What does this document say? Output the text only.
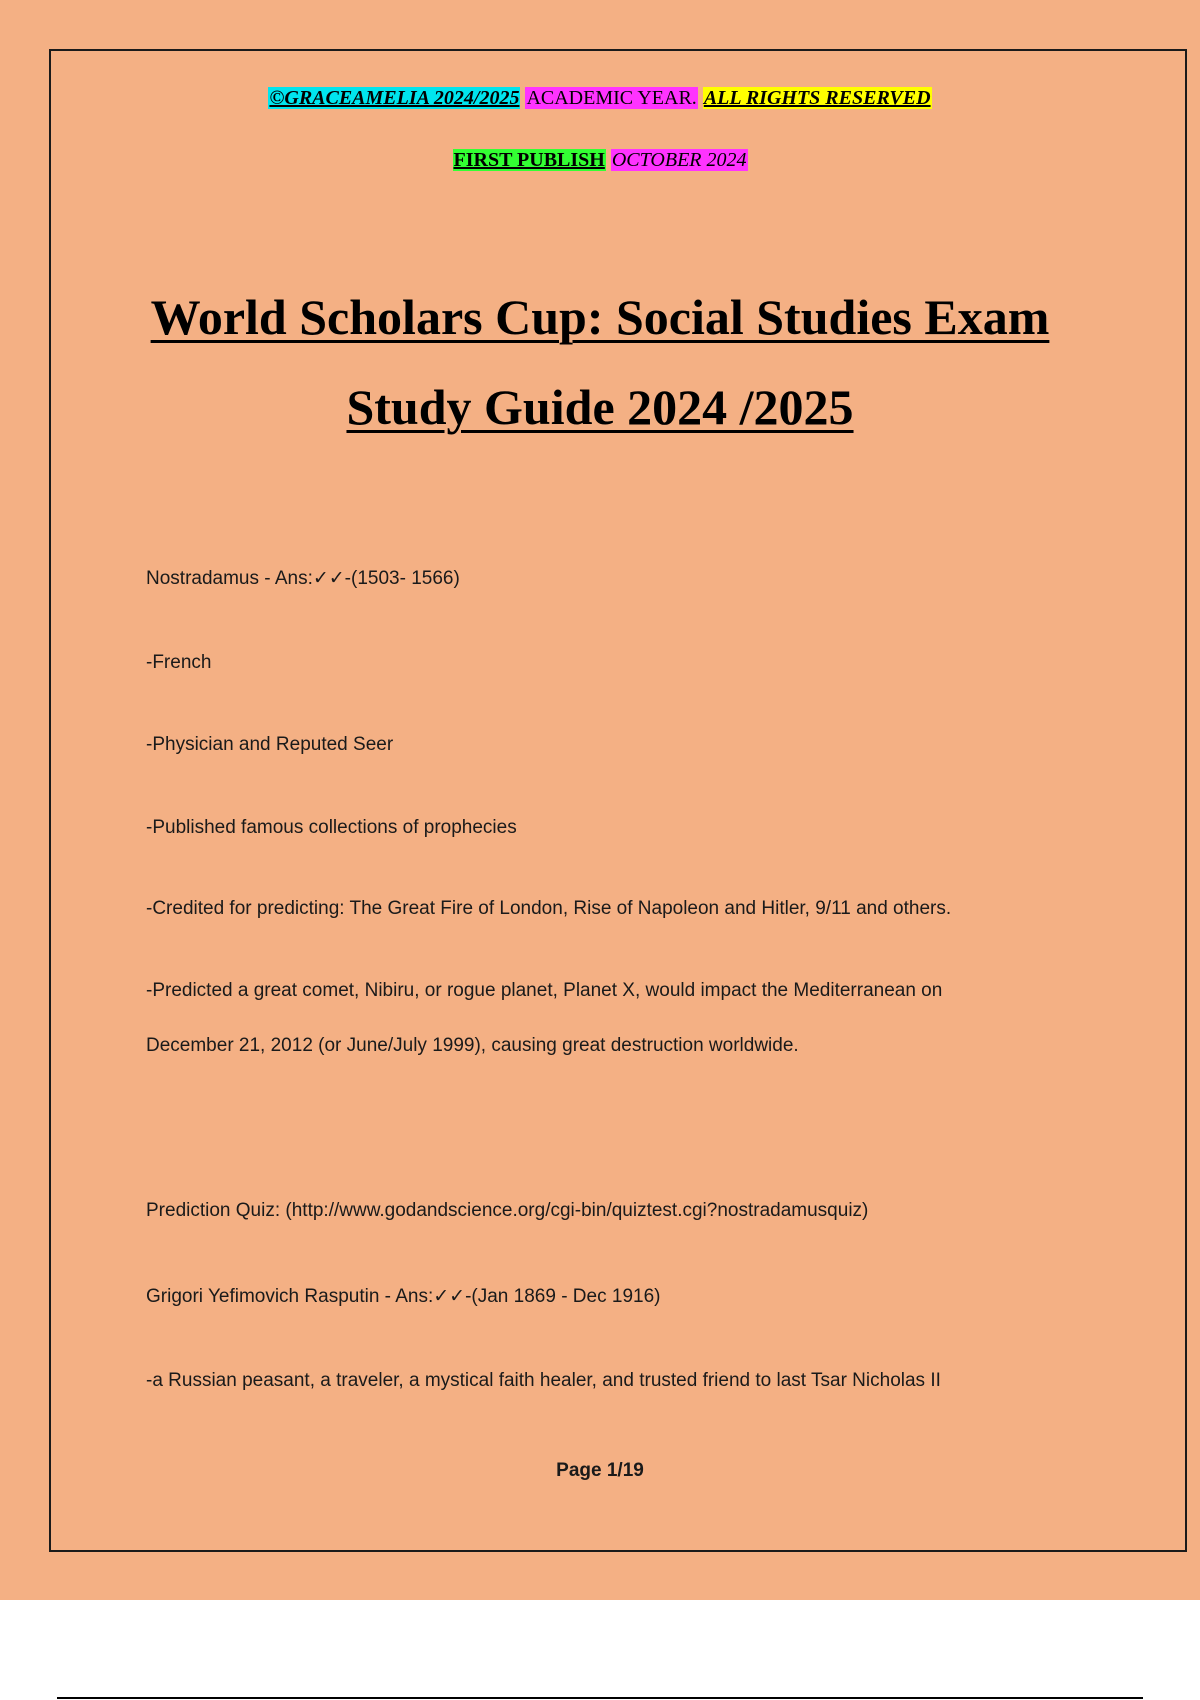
©GRACEAMELIA 2024/2025 ACADEMIC YEAR. ALL RIGHTS RESERVED
FIRST PUBLISH OCTOBER 2024
World Scholars Cup: Social Studies Exam
Study Guide 2024 /2025
Nostradamus - Ans:✓✓-(1503- 1566)
-French
-Physician and Reputed Seer
-Published famous collections of prophecies
-Credited for predicting: The Great Fire of London, Rise of Napoleon and Hitler, 9/11 and others.
-Predicted a great comet, Nibiru, or rogue planet, Planet X, would impact the Mediterranean on
December 21, 2012 (or June/July 1999), causing great destruction worldwide.
Prediction Quiz: (http://www.godandscience.org/cgi-bin/quiztest.cgi?nostradamusquiz)
Grigori Yefimovich Rasputin - Ans:✓✓-(Jan 1869 - Dec 1916)
-a Russian peasant, a traveler, a mystical faith healer, and trusted friend to last Tsar Nicholas II
Page 1/19
